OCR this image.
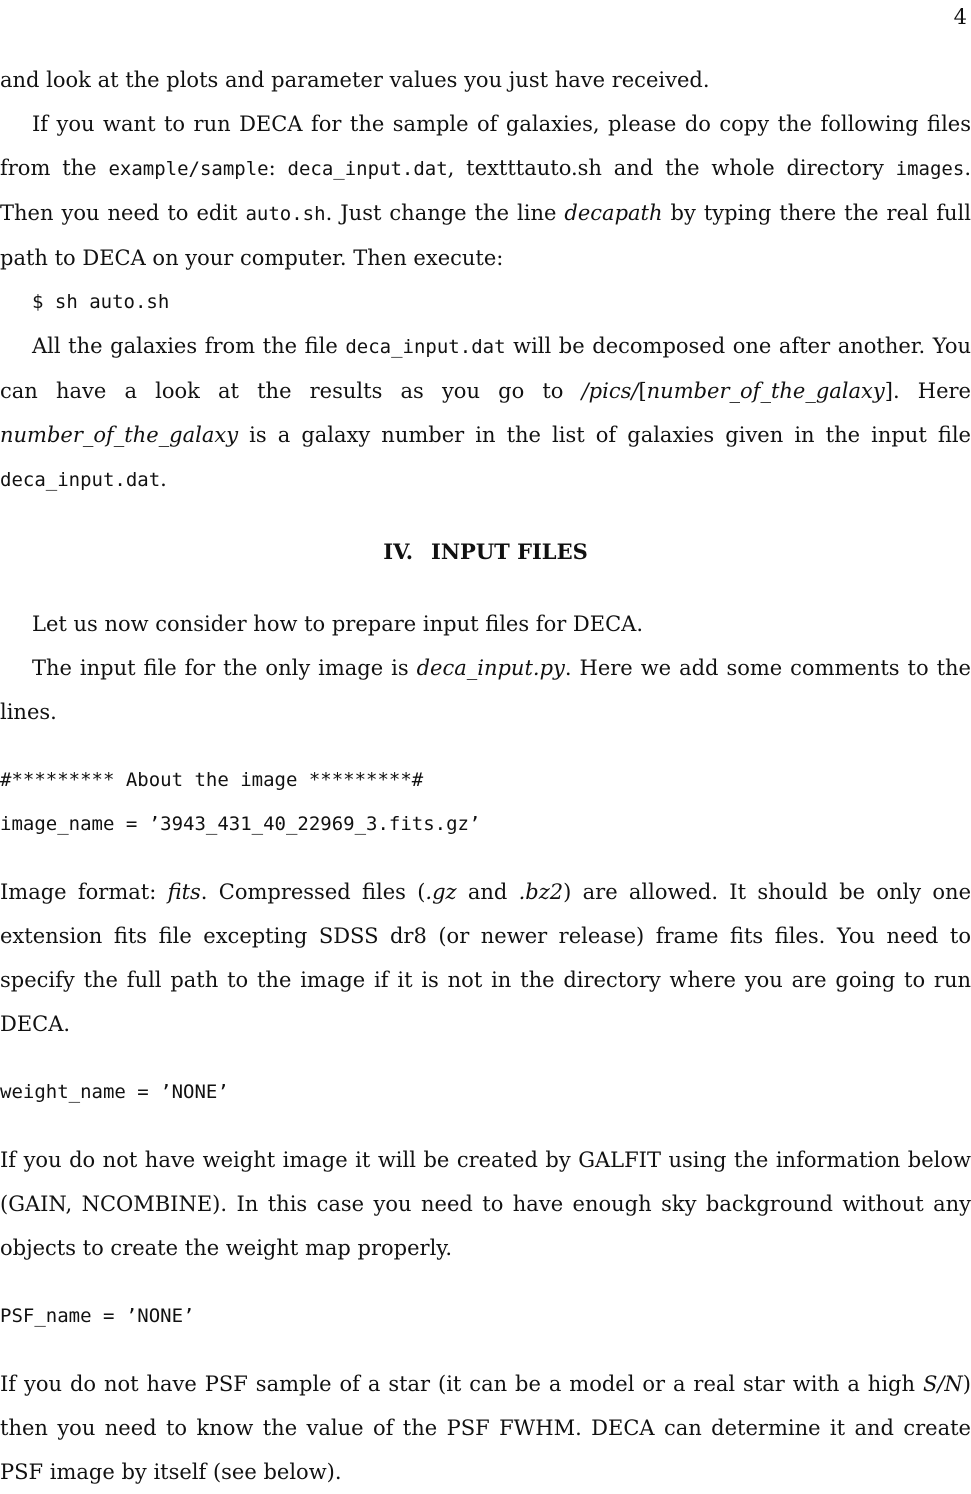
4

and look at the plots and parameter values you just have received.

If you want to run DECA for the sample of galaxies, please do copy the following files from the example/sample: deca_input.dat, textttauto.sh and the whole directory images. Then you need to edit auto.sh. Just change the line decapath by typing there the real full path to DECA on your computer. Then execute:

$ sh auto.sh

All the galaxies from the file deca_input.dat will be decomposed one after another. You can have a look at the results as you go to /pics/[number_of_the_galaxy]. Here number_of_the_galaxy is a galaxy number in the list of galaxies given in the input file deca_input.dat.

IV. INPUT FILES

Let us now consider how to prepare input files for DECA.

The input file for the only image is deca_input.py. Here we add some comments to the lines.

#********* About the image *********#

image_name = ’3943_431_40_22969_3.fits.gz’

Image format: fits. Compressed files (.gz and .bz2) are allowed. It should be only one extension fits file excepting SDSS dr8 (or newer release) frame fits files. You need to specify the full path to the image if it is not in the directory where you are going to run DECA.

weight_name = ’NONE’

If you do not have weight image it will be created by GALFIT using the information below (GAIN, NCOMBINE). In this case you need to have enough sky background without any objects to create the weight map properly.

PSF_name = ’NONE’

If you do not have PSF sample of a star (it can be a model or a real star with a high S/N) then you need to know the value of the PSF FWHM. DECA can determine it and create PSF image by itself (see below).
